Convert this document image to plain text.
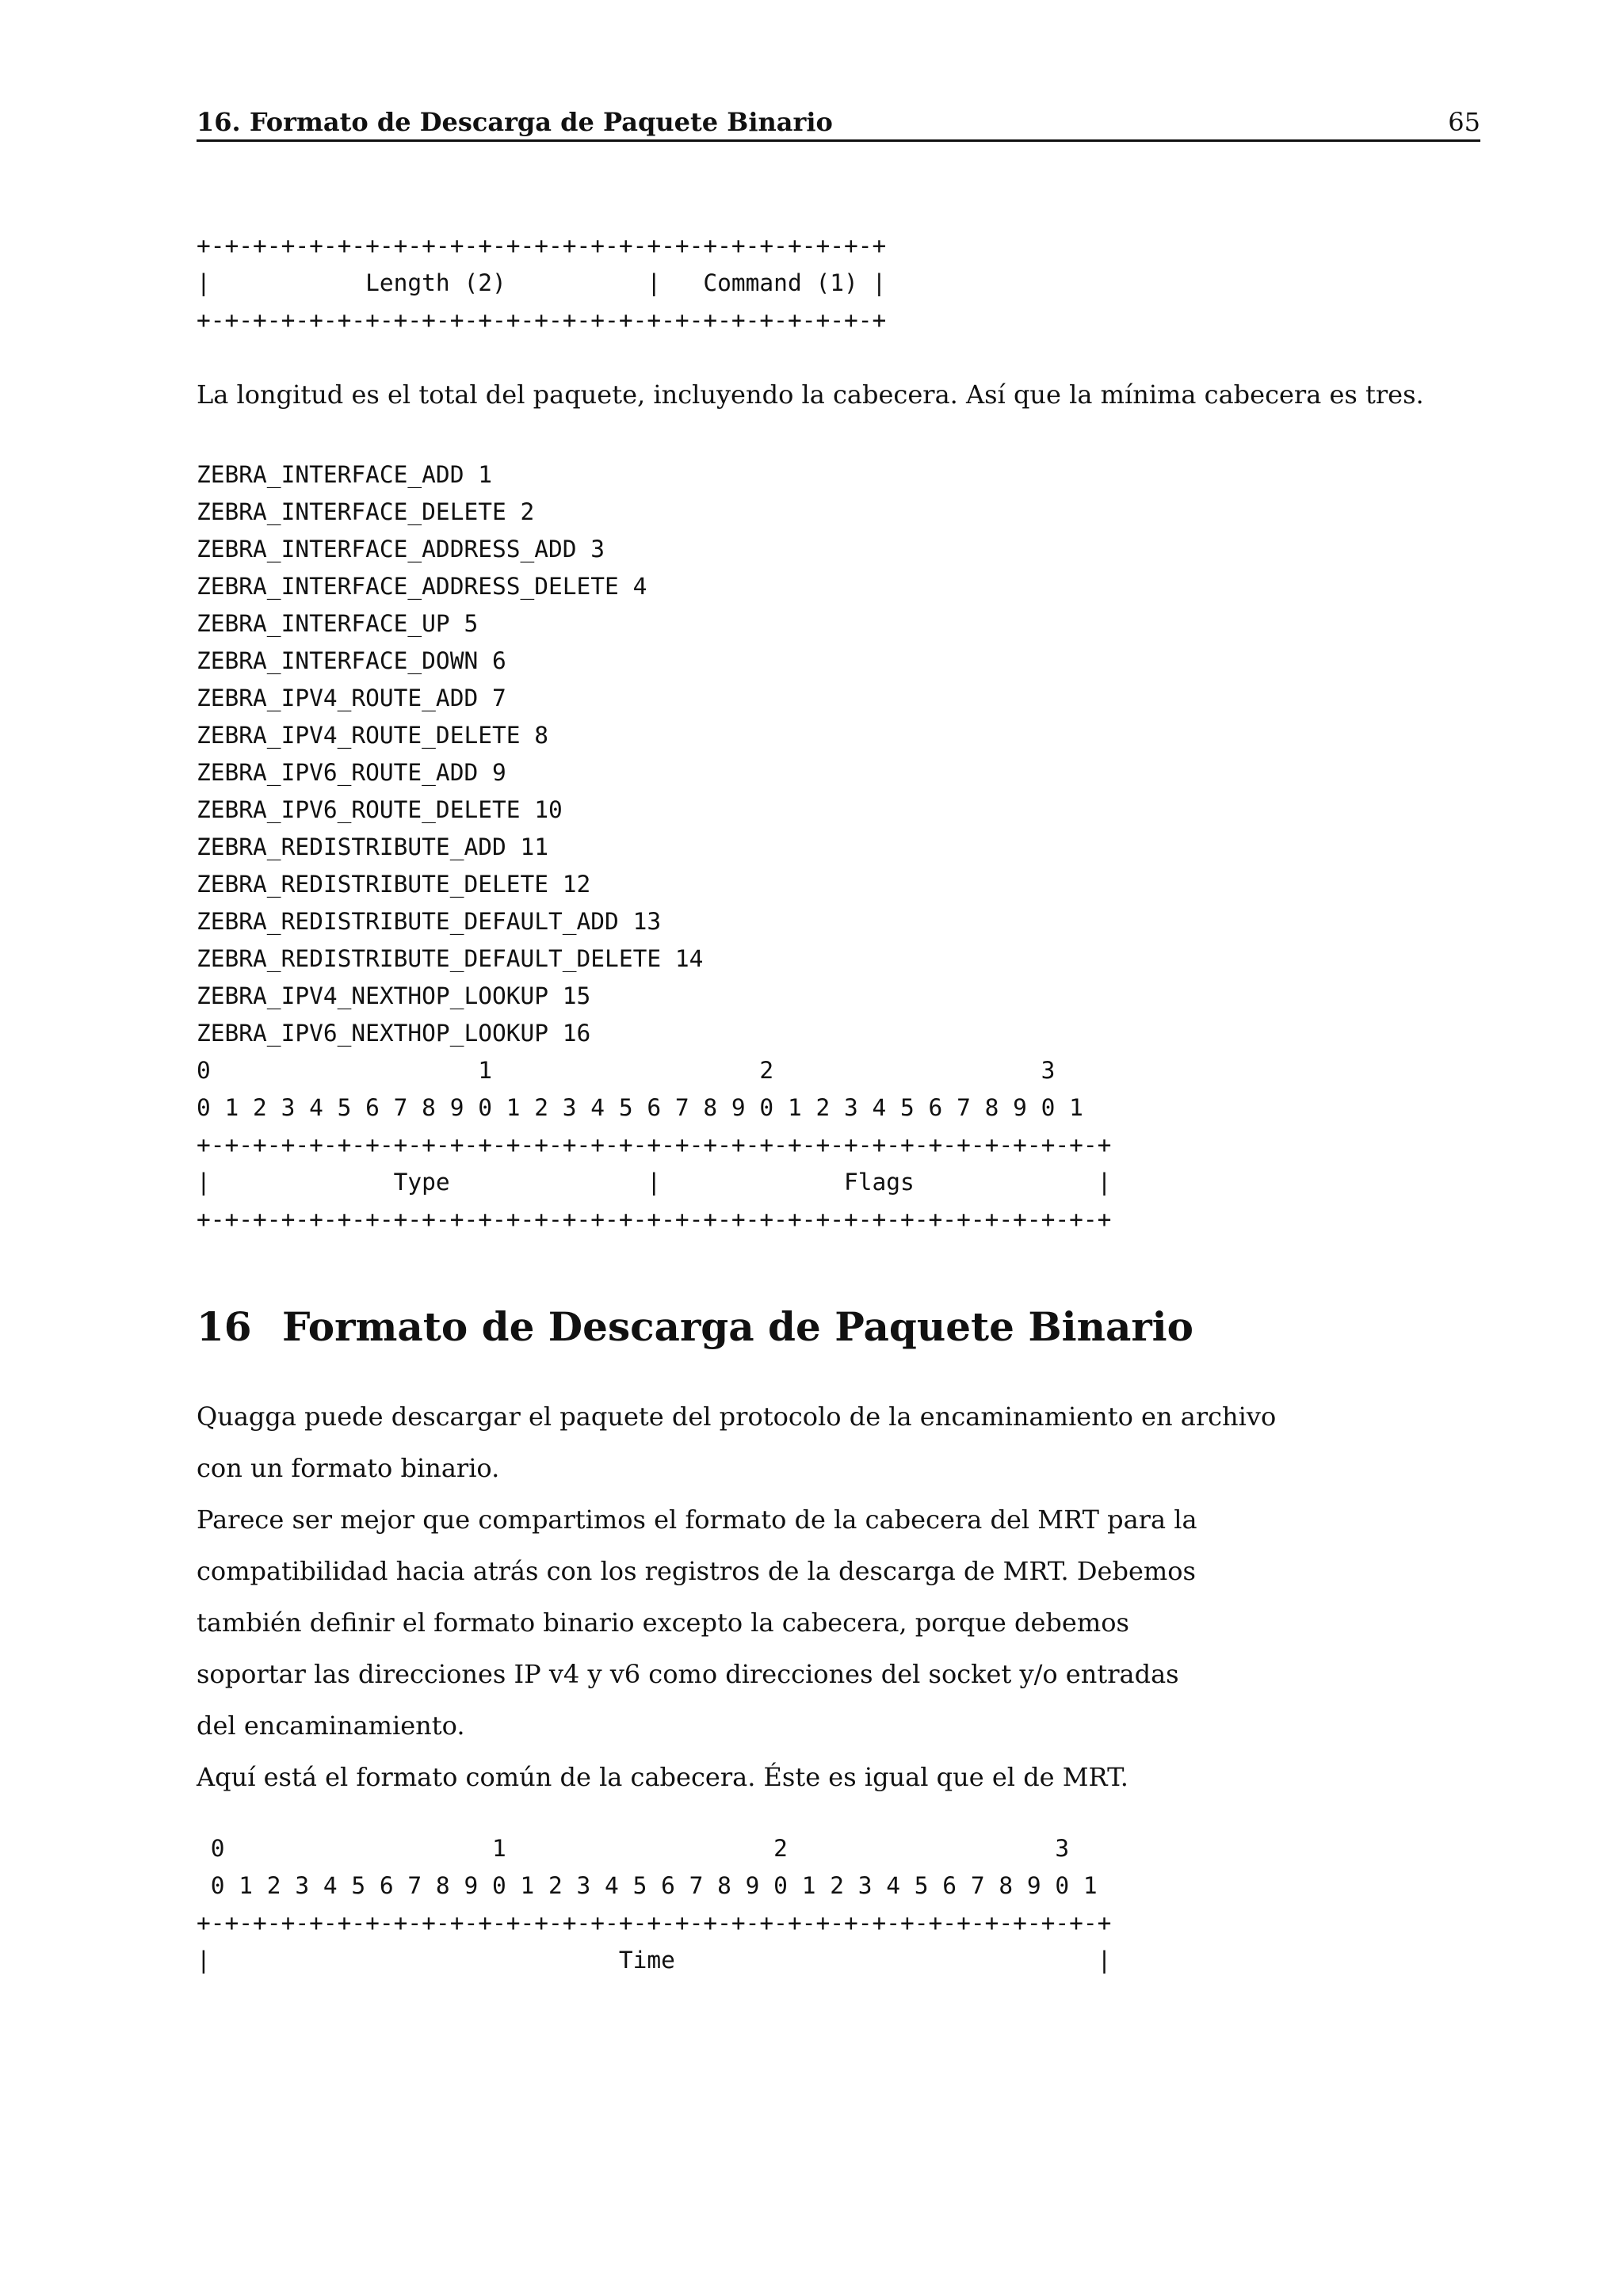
16. Formato de Descarga de Paquete Binario	65
+-+-+-+-+-+-+-+-+-+-+-+-+-+-+-+-+-+-+-+-+-+-+-+-+
|           Length (2)          |   Command (1) |
+-+-+-+-+-+-+-+-+-+-+-+-+-+-+-+-+-+-+-+-+-+-+-+-+

La longitud es el total del paquete, incluyendo la cabecera. Así que la mínima cabecera es tres.

ZEBRA_INTERFACE_ADD 1
ZEBRA_INTERFACE_DELETE 2
ZEBRA_INTERFACE_ADDRESS_ADD 3
ZEBRA_INTERFACE_ADDRESS_DELETE 4
ZEBRA_INTERFACE_UP 5
ZEBRA_INTERFACE_DOWN 6
ZEBRA_IPV4_ROUTE_ADD 7
ZEBRA_IPV4_ROUTE_DELETE 8
ZEBRA_IPV6_ROUTE_ADD 9
ZEBRA_IPV6_ROUTE_DELETE 10
ZEBRA_REDISTRIBUTE_ADD 11
ZEBRA_REDISTRIBUTE_DELETE 12
ZEBRA_REDISTRIBUTE_DEFAULT_ADD 13
ZEBRA_REDISTRIBUTE_DEFAULT_DELETE 14
ZEBRA_IPV4_NEXTHOP_LOOKUP 15
ZEBRA_IPV6_NEXTHOP_LOOKUP 16
0                   1                   2                   3
0 1 2 3 4 5 6 7 8 9 0 1 2 3 4 5 6 7 8 9 0 1 2 3 4 5 6 7 8 9 0 1
+-+-+-+-+-+-+-+-+-+-+-+-+-+-+-+-+-+-+-+-+-+-+-+-+-+-+-+-+-+-+-+-+
|             Type              |             Flags             |
+-+-+-+-+-+-+-+-+-+-+-+-+-+-+-+-+-+-+-+-+-+-+-+-+-+-+-+-+-+-+-+-+
16 Formato de Descarga de Paquete Binario
Quagga puede descargar el paquete del protocolo de la encaminamiento en archivo
con un formato binario.
Parece ser mejor que compartimos el formato de la cabecera del MRT para la
compatibilidad hacia atrás con los registros de la descarga de MRT. Debemos
también definir el formato binario excepto la cabecera, porque debemos
soportar las direcciones IP v4 y v6 como direcciones del socket y/o entradas
del encaminamiento.
Aquí está el formato común de la cabecera. Éste es igual que el de MRT.
0                   1                   2                   3
0 1 2 3 4 5 6 7 8 9 0 1 2 3 4 5 6 7 8 9 0 1 2 3 4 5 6 7 8 9 0 1
+-+-+-+-+-+-+-+-+-+-+-+-+-+-+-+-+-+-+-+-+-+-+-+-+-+-+-+-+-+-+-+-+
|                             Time                              |
